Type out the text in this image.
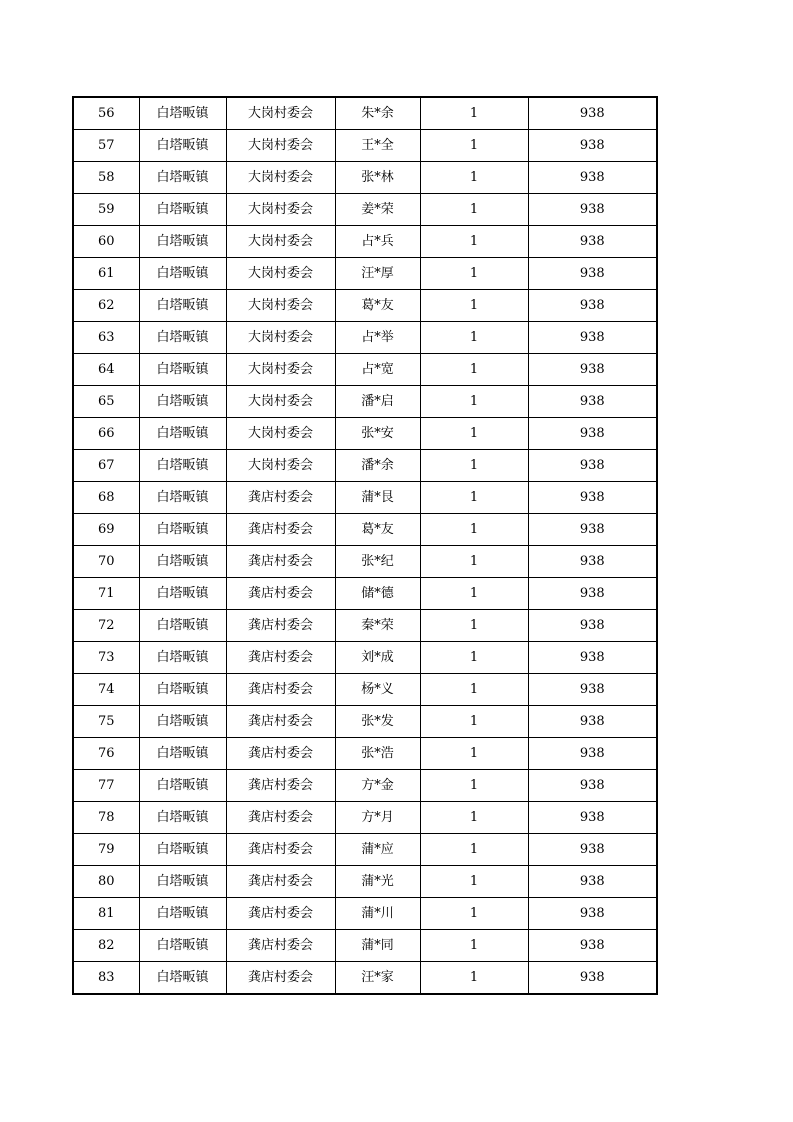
56	白塔畈镇	大岗村委会	朱*余	1	938
57	白塔畈镇	大岗村委会	王*全	1	938
58	白塔畈镇	大岗村委会	张*林	1	938
59	白塔畈镇	大岗村委会	姜*荣	1	938
60	白塔畈镇	大岗村委会	占*兵	1	938
61	白塔畈镇	大岗村委会	汪*厚	1	938
62	白塔畈镇	大岗村委会	葛*友	1	938
63	白塔畈镇	大岗村委会	占*举	1	938
64	白塔畈镇	大岗村委会	占*宽	1	938
65	白塔畈镇	大岗村委会	潘*启	1	938
66	白塔畈镇	大岗村委会	张*安	1	938
67	白塔畈镇	大岗村委会	潘*余	1	938
68	白塔畈镇	龚店村委会	蒲*艮	1	938
69	白塔畈镇	龚店村委会	葛*友	1	938
70	白塔畈镇	龚店村委会	张*纪	1	938
71	白塔畈镇	龚店村委会	储*德	1	938
72	白塔畈镇	龚店村委会	秦*荣	1	938
73	白塔畈镇	龚店村委会	刘*成	1	938
74	白塔畈镇	龚店村委会	杨*义	1	938
75	白塔畈镇	龚店村委会	张*发	1	938
76	白塔畈镇	龚店村委会	张*浩	1	938
77	白塔畈镇	龚店村委会	方*金	1	938
78	白塔畈镇	龚店村委会	方*月	1	938
79	白塔畈镇	龚店村委会	蒲*应	1	938
80	白塔畈镇	龚店村委会	蒲*光	1	938
81	白塔畈镇	龚店村委会	蒲*川	1	938
82	白塔畈镇	龚店村委会	蒲*同	1	938
83	白塔畈镇	龚店村委会	汪*家	1	938
